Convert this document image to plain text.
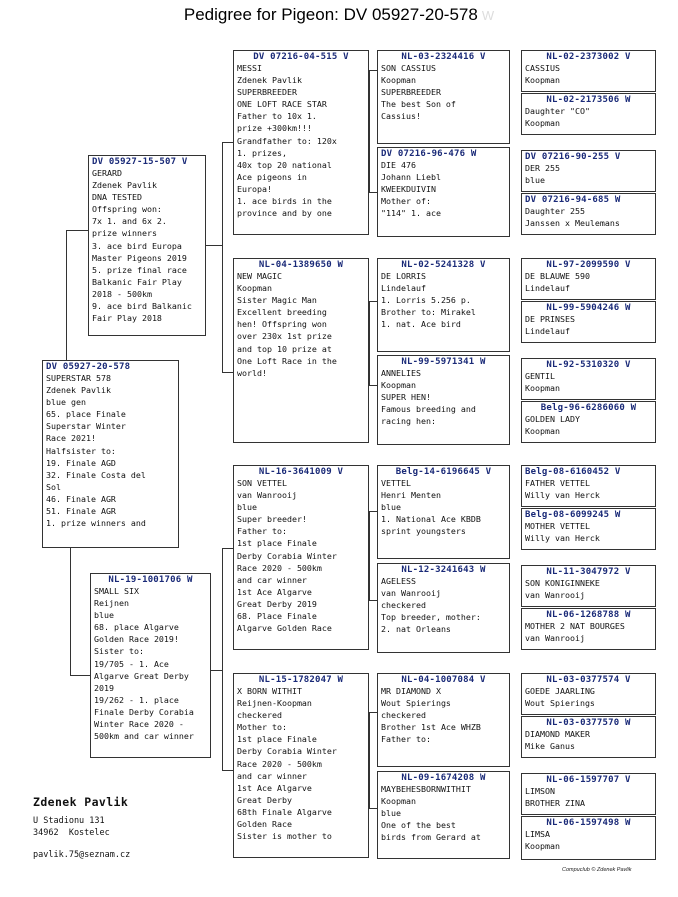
Pedigree for Pigeon: DV 05927-20-578 W
DV 05927-20-578
SUPERSTAR 578
Zdenek Pavlik
blue gen
65. place Finale
Superstar Winter
Race 2021!
Halfsister to:
19. Finale AGD
32. Finale Costa del
Sol
46. Finale AGR
51. Finale AGR
1. prize winners and
DV 05927-15-507 V
GERARD
Zdenek Pavlik
DNA TESTED
Offspring won:
7x 1. and 6x 2.
prize winners
3. ace bird Europa
Master Pigeons 2019
5. prize final race
Balkanic Fair Play
2018 - 500km
9. ace bird Balkanic
Fair Play 2018
NL-19-1001706 W
SMALL SIX
Reijnen
blue
68. place Algarve
Golden Race 2019!
Sister to:
19/705 - 1. Ace
Algarve Great Derby
2019
19/262 - 1. place
Finale Derby Corabia
Winter Race 2020 -
500km and car winner
DV 07216-04-515 V
MESSI
Zdenek Pavlik
SUPERBREEDER
ONE LOFT RACE STAR
Father to 10x 1.
prize +300km!!!
Grandfather to: 120x
1. prizes,
40x top 20 national
Ace pigeons in
Europa!
1. ace birds in the
province and by one
NL-04-1389650 W
NEW MAGIC
Koopman
Sister Magic Man
Excellent breeding
hen! Offspring won
over 230x 1st prize
and top 10 prize at
One Loft Race in the
world!
NL-16-3641009 V
SON VETTEL
van Wanrooij
blue
Super breeder!
Father to:
1st place Finale
Derby Corabia Winter
Race 2020 - 500km
and car winner
1st Ace Algarve
Great Derby 2019
68. Place Finale
Algarve Golden Race
NL-15-1782047 W
X BORN WITHIT
Reijnen-Koopman
checkered
Mother to:
1st place Finale
Derby Corabia Winter
Race 2020 - 500km
and car winner
1st Ace Algarve
Great Derby
68th Finale Algarve
Golden Race
Sister is mother to
NL-03-2324416 V
SON CASSIUS
Koopman
SUPERBREEDER
The best Son of
Cassius!
DV 07216-96-476 W
DIE 476
Johann Liebl
KWEEKDUIVIN
Mother of:
"114" 1. ace
NL-02-5241328 V
DE LORRIS
Lindelauf
1. Lorris 5.256 p.
Brother to: Mirakel
1. nat. Ace bird
NL-99-5971341 W
ANNELIES
Koopman
SUPER HEN!
Famous breeding and
racing hen:
Belg-14-6196645 V
VETTEL
Henri Menten
blue
1. National Ace KBDB
sprint youngsters
NL-12-3241643 W
AGELESS
van Wanrooij
checkered
Top breeder, mother:
2. nat Orleans
NL-04-1007084 V
MR DIAMOND X
Wout Spierings
checkered
Brother 1st Ace WHZB
Father to:
NL-09-1674208 W
MAYBEHESBORNWITHIT
Koopman
blue
One of the best
birds from Gerard at
NL-02-2373002 V
CASSIUS
Koopman
NL-02-2173506 W
Daughter "CO"
Koopman
DV 07216-90-255 V
DER 255
blue
DV 07216-94-685 W
Daughter 255
Janssen x Meulemans
NL-97-2099590 V
DE BLAUWE 590
Lindelauf
NL-99-5904246 W
DE PRINSES
Lindelauf
NL-92-5310320 V
GENTIL
Koopman
Belg-96-6286060 W
GOLDEN LADY
Koopman
Belg-08-6160452 V
FATHER VETTEL
Willy van Herck
Belg-08-6099245 W
MOTHER VETTEL
Willy van Herck
NL-11-3047972 V
SON KONIGINNEKE
van Wanrooij
NL-06-1268788 W
MOTHER 2 NAT BOURGES
van Wanrooij
NL-03-0377574 V
GOEDE JAARLING
Wout Spierings
NL-03-0377570 W
DIAMOND MAKER
Mike Ganus
NL-06-1597707 V
LIMSON
BROTHER ZINA
NL-06-1597498 W
LIMSA
Koopman
Zdenek Pavlik
U Stadionu 131
34962  Kostelec
pavlik.75@seznam.cz
Compuclub © Zdenek Pavlik
